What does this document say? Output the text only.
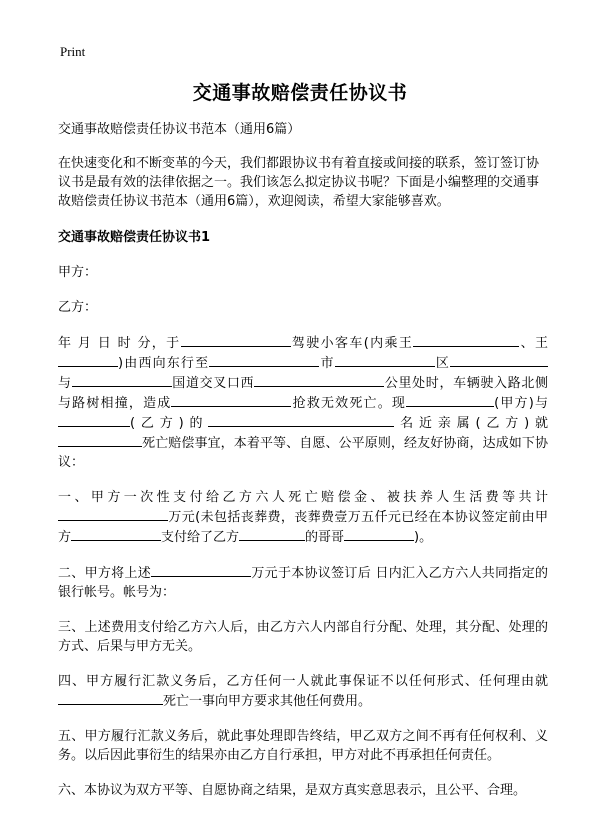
Print
交通事故赔偿责任协议书

交通事故赔偿责任协议书范本（通用6篇）

在快速变化和不断变革的今天，我们都跟协议书有着直接或间接的联系，签订签订协议书是最有效的法律依据之一。我们该怎么拟定协议书呢？下面是小编整理的交通事故赔偿责任协议书范本（通用6篇），欢迎阅读，希望大家能够喜欢。

交通事故赔偿责任协议书1

甲方：

乙方：

年 月 日 时 分，于	驾驶小客车(内乘王	、王)由西向东行至	市	区与	国道交叉口西	公里处时，车辆驶入路北侧与路树相撞，造成	抢救无效死亡。现	(甲方)与(乙方)的	名近亲属(乙方)就死亡赔偿事宜，本着平等、自愿、公平原则，经友好协商，达成如下协议：

一、甲方一次性支付给乙方六人死亡赔偿金、被扶养人生活费等共计万元(未包括丧葬费，丧葬费壹万五仟元已经在本协议签定前由甲方	支付给了乙方	的哥哥	)。

二、甲方将上述	万元于本协议签订后 日内汇入乙方六人共同指定的银行帐号。帐号为：

三、上述费用支付给乙方六人后，由乙方六人内部自行分配、处理，其分配、处理的方式、后果与甲方无关。

四、甲方履行汇款义务后，乙方任何一人就此事保证不以任何形式、任何理由就死亡一事向甲方要求其他任何费用。

五、甲方履行汇款义务后，就此事处理即告终结，甲乙双方之间不再有任何权利、义务。以后因此事衍生的结果亦由乙方自行承担，甲方对此不再承担任何责任。

六、本协议为双方平等、自愿协商之结果，是双方真实意思表示，且公平、合理。
